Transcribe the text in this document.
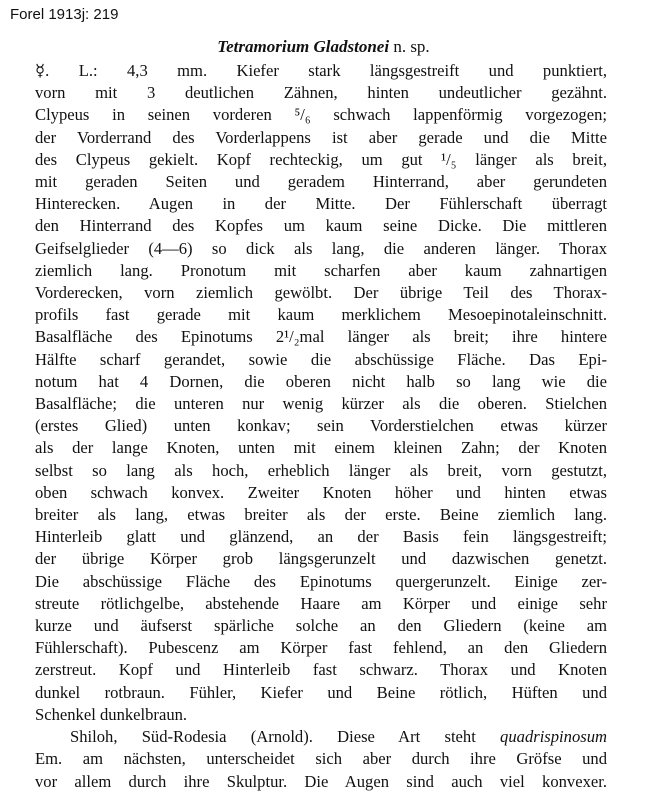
Forel 1913j: 219
Tetramorium Gladstonei n. sp.
☿. L.: 4,3 mm. Kiefer stark längsgestreift und punktiert,
vorn mit 3 deutlichen Zähnen, hinten undeutlicher gezähnt.
Clypeus in seinen vorderen ⁵/₆ schwach lappenförmig vorgezogen;
der Vorderrand des Vorderlappens ist aber gerade und die Mitte
des Clypeus gekielt. Kopf rechteckig, um gut ¹/₅ länger als breit,
mit geraden Seiten und geradem Hinterrand, aber gerundeten
Hinterecken. Augen in der Mitte. Der Fühlerschaft überragt
den Hinterrand des Kopfes um kaum seine Dicke. Die mittleren
Geifselglieder (4—6) so dick als lang, die anderen länger. Thorax
ziemlich lang. Pronotum mit scharfen aber kaum zahnartigen
Vorderecken, vorn ziemlich gewölbt. Der übrige Teil des Thorax-
profils fast gerade mit kaum merklichem Mesoepinotaleinschnitt.
Basalfläche des Epinotums 2¹/₂mal länger als breit; ihre hintere
Hälfte scharf gerandet, sowie die abschüssige Fläche. Das Epi-
notum hat 4 Dornen, die oberen nicht halb so lang wie die
Basalfläche; die unteren nur wenig kürzer als die oberen. Stielchen
(erstes Glied) unten konkav; sein Vorderstielchen etwas kürzer
als der lange Knoten, unten mit einem kleinen Zahn; der Knoten
selbst so lang als hoch, erheblich länger als breit, vorn gestutzt,
oben schwach konvex. Zweiter Knoten höher und hinten etwas
breiter als lang, etwas breiter als der erste. Beine ziemlich lang.
Hinterleib glatt und glänzend, an der Basis fein längsgestreift;
der übrige Körper grob längsgerunzelt und dazwischen genetzt.
Die abschüssige Fläche des Epinotums quergerunzelt. Einige zer-
streute rötlichgelbe, abstehende Haare am Körper und einige sehr
kurze und äufserst spärliche solche an den Gliedern (keine am
Fühlerschaft). Pubescenz am Körper fast fehlend, an den Gliedern
zerstreut. Kopf und Hinterleib fast schwarz. Thorax und Knoten
dunkel rotbraun. Fühler, Kiefer und Beine rötlich, Hüften und
Schenkel dunkelbraun.
Shiloh, Süd-Rodesia (Arnold). Diese Art steht quadrispinosum
Em. am nächsten, unterscheidet sich aber durch ihre Gröfse und
vor allem durch ihre Skulptur. Die Augen sind auch viel konvexer.
